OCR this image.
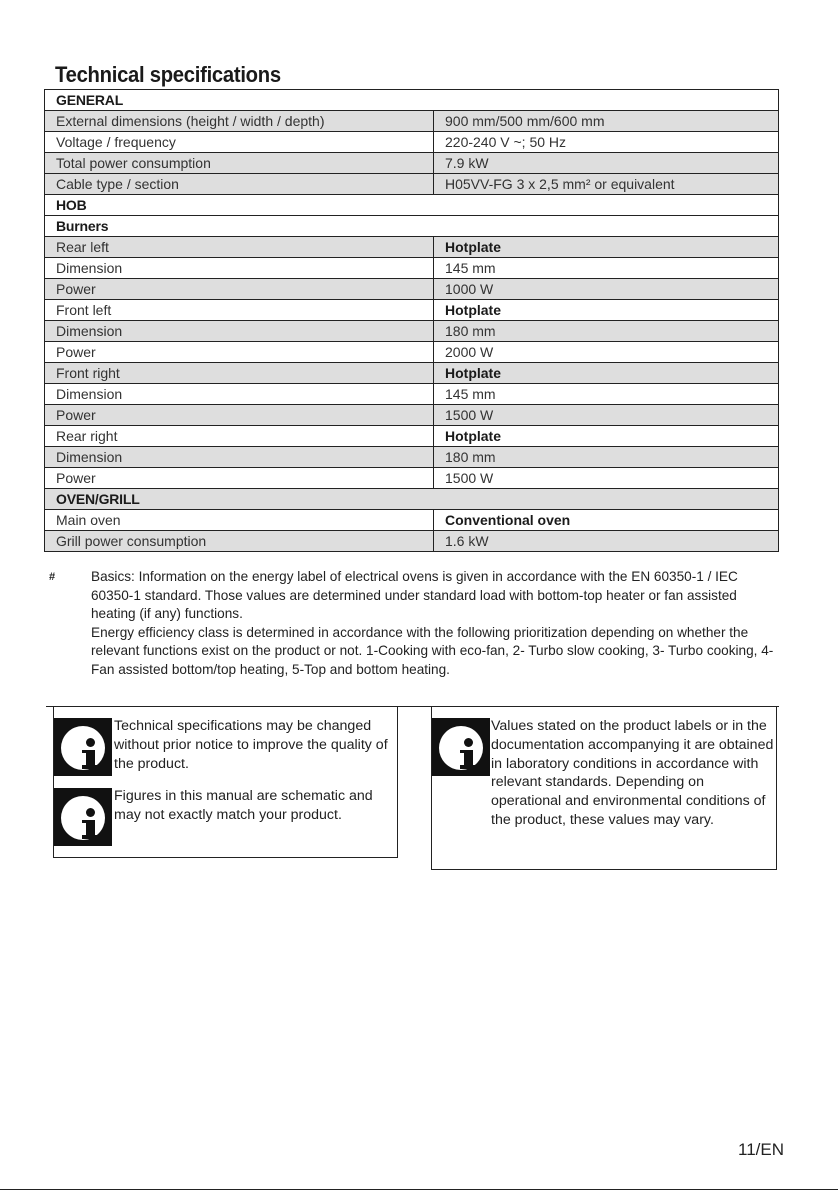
Technical specifications
GENERAL	
External dimensions (height / width / depth)	900 mm/500 mm/600 mm
Voltage / frequency	220-240 V ~; 50 Hz
Total power consumption	7.9 kW
Cable type / section	H05VV-FG 3 x 2,5 mm² or equivalent
HOB	
Burners	
Rear left	Hotplate
Dimension	145 mm
Power	1000 W
Front left	Hotplate
Dimension	180 mm
Power	2000 W
Front right	Hotplate
Dimension	145 mm
Power	1500 W
Rear right	Hotplate
Dimension	180 mm
Power	1500 W
OVEN/GRILL	
Main oven	Conventional oven
Grill power consumption	1.6 kW
#	Basics: Information on the energy label of electrical ovens is given in accordance with the EN 60350-1 / IEC 60350-1 standard. Those values are determined under standard load with bottom-top heater or fan assisted heating (if any) functions.
Energy efficiency class is determined in accordance with the following prioritization depending on whether the relevant functions exist on the product or not. 1-Cooking with eco-fan, 2- Turbo slow cooking, 3- Turbo cooking, 4- Fan assisted bottom/top heating, 5-Top and bottom heating.
Technical specifications may be changed without prior notice to improve the quality of the product.
Figures in this manual are schematic and may not exactly match your product.
Values stated on the product labels or in the documentation accompanying it are obtained in laboratory conditions in accordance with relevant standards. Depending on operational and environmental conditions of the product, these values may vary.
11/EN
